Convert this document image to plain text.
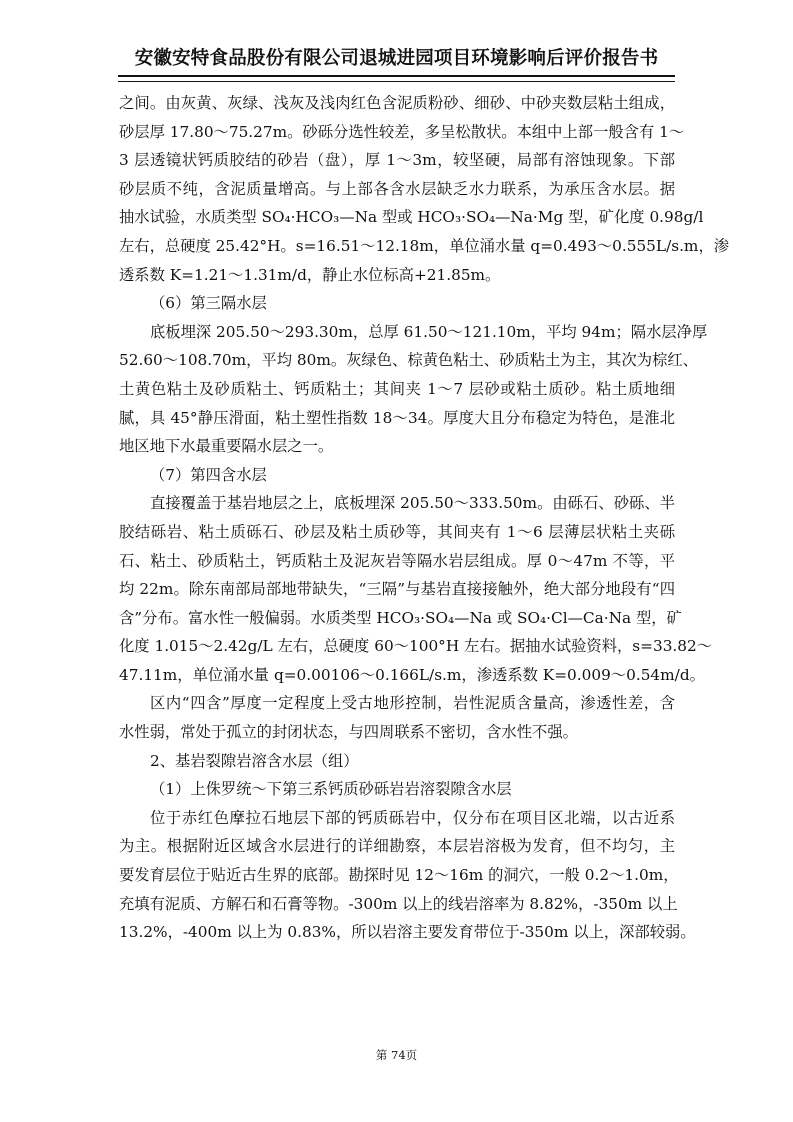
安徽安特食品股份有限公司退城进园项目环境影响后评价报告书

之间。由灰黄、灰绿、浅灰及浅肉红色含泥质粉砂、细砂、中砂夹数层粘土组成，
砂层厚 17.80～75.27m。砂砾分选性较差，多呈松散状。本组中上部一般含有 1～
3 层透镜状钙质胶结的砂岩（盘），厚 1～3m，较坚硬，局部有溶蚀现象。下部
砂层质不纯，含泥质量增高。与上部各含水层缺乏水力联系，为承压含水层。据
抽水试验，水质类型 SO₄·HCO₃—Na 型或 HCO₃·SO₄—Na·Mg 型，矿化度 0.98g/l
左右，总硬度 25.42°H。s=16.51～12.18m，单位涌水量 q=0.493～0.555L/s.m，渗
透系数 K=1.21～1.31m/d，静止水位标高+21.85m。

（6）第三隔水层

底板埋深 205.50～293.30m，总厚 61.50～121.10m，平均 94m；隔水层净厚
52.60～108.70m，平均 80m。灰绿色、棕黄色粘土、砂质粘土为主，其次为棕红、
土黄色粘土及砂质粘土、钙质粘土；其间夹 1～7 层砂或粘土质砂。粘土质地细
腻，具 45°静压滑面，粘土塑性指数 18～34。厚度大且分布稳定为特色，是淮北
地区地下水最重要隔水层之一。

（7）第四含水层

直接覆盖于基岩地层之上，底板埋深 205.50～333.50m。由砾石、砂砾、半
胶结砾岩、粘土质砾石、砂层及粘土质砂等，其间夹有 1～6 层薄层状粘土夹砾
石、粘土、砂质粘土，钙质粘土及泥灰岩等隔水岩层组成。厚 0～47m 不等，平
均 22m。除东南部局部地带缺失，“三隔”与基岩直接接触外，绝大部分地段有“四
含”分布。富水性一般偏弱。水质类型 HCO₃·SO₄—Na 或 SO₄·Cl—Ca·Na 型，矿
化度 1.015～2.42g/L 左右，总硬度 60～100°H 左右。据抽水试验资料，s=33.82～
47.11m，单位涌水量 q=0.00106～0.166L/s.m，渗透系数 K=0.009～0.54m/d。

区内“四含”厚度一定程度上受古地形控制，岩性泥质含量高，渗透性差，含
水性弱，常处于孤立的封闭状态，与四周联系不密切，含水性不强。

2、基岩裂隙岩溶含水层（组）

（1）上侏罗统～下第三系钙质砂砾岩岩溶裂隙含水层

位于赤红色摩拉石地层下部的钙质砾岩中，仅分布在项目区北端，以古近系
为主。根据附近区域含水层进行的详细勘察，本层岩溶极为发育，但不均匀，主
要发育层位于贴近古生界的底部。勘探时见 12～16m 的洞穴，一般 0.2～1.0m，
充填有泥质、方解石和石膏等物。-300m 以上的线岩溶率为 8.82%，-350m 以上
13.2%，-400m 以上为 0.83%，所以岩溶主要发育带位于-350m 以上，深部较弱。

第 74页
